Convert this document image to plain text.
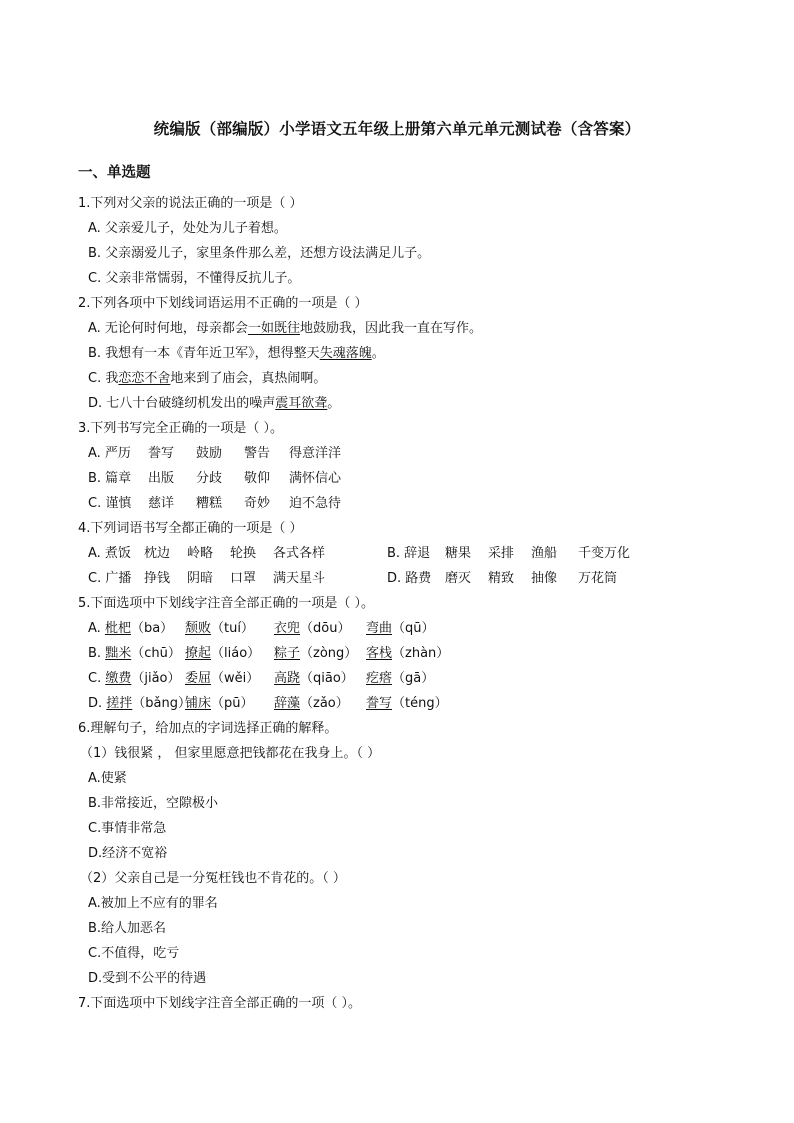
统编版（部编版）小学语文五年级上册第六单元单元测试卷（含答案）
一、单选题
1.下列对父亲的说法正确的一项是（ ）
A. 父亲爱儿子，处处为儿子着想。
B. 父亲溺爱儿子，家里条件那么差，还想方设法满足儿子。
C. 父亲非常懦弱，不懂得反抗儿子。
2.下列各项中下划线词语运用不正确的一项是（ ）
A. 无论何时何地，母亲都会一如既往地鼓励我，因此我一直在写作。
B. 我想有一本《青年近卫军》，想得整天失魂落魄。
C. 我恋恋不舍地来到了庙会，真热闹啊。
D. 七八十台破缝纫机发出的噪声震耳欲聋。
3.下列书写完全正确的一项是（ ）。
A. 严历 誊写 鼓励 警告 得意洋洋
B. 篇章 出版 分歧 敬仰 满怀信心
C. 谨慎 慈详 糟糕 奇妙 迫不急待
4.下列词语书写全都正确的一项是（ ）
A. 煮饭 枕边 岭略 轮换 各式各样	B. 辞退 糖果 采排 渔船 千变万化
C. 广播 挣钱 阴暗 口罩 满天星斗	D. 路费 磨灭 精致 抽像 万花筒
5.下面选项中下划线字注音全部正确的一项是（ ）。
A. 枇杷（ba） 颓败（tuí） 衣兜（dōu） 弯曲（qū）
B. 黜米（chū） 撩起（liáo） 粽子（zòng） 客栈（zhàn）
C. 缴费（jiǎo） 委屈（wěi） 高跷（qiāo） 疙瘩（gā）
D. 搓拌（bǎng）铺床（pū） 辞藻（zǎo） 誊写（téng）
6.理解句子，给加点的字词选择正确的解释。
（1）钱很紧 ， 但家里愿意把钱都花在我身上。（ ）
A.使紧
B.非常接近，空隙极小
C.事情非常急
D.经济不宽裕
（2）父亲自己是一分冤枉钱也不肯花的。（ ）
A.被加上不应有的罪名
B.给人加恶名
C.不值得，吃亏
D.受到不公平的待遇
7.下面选项中下划线字注音全部正确的一项（ ）。
